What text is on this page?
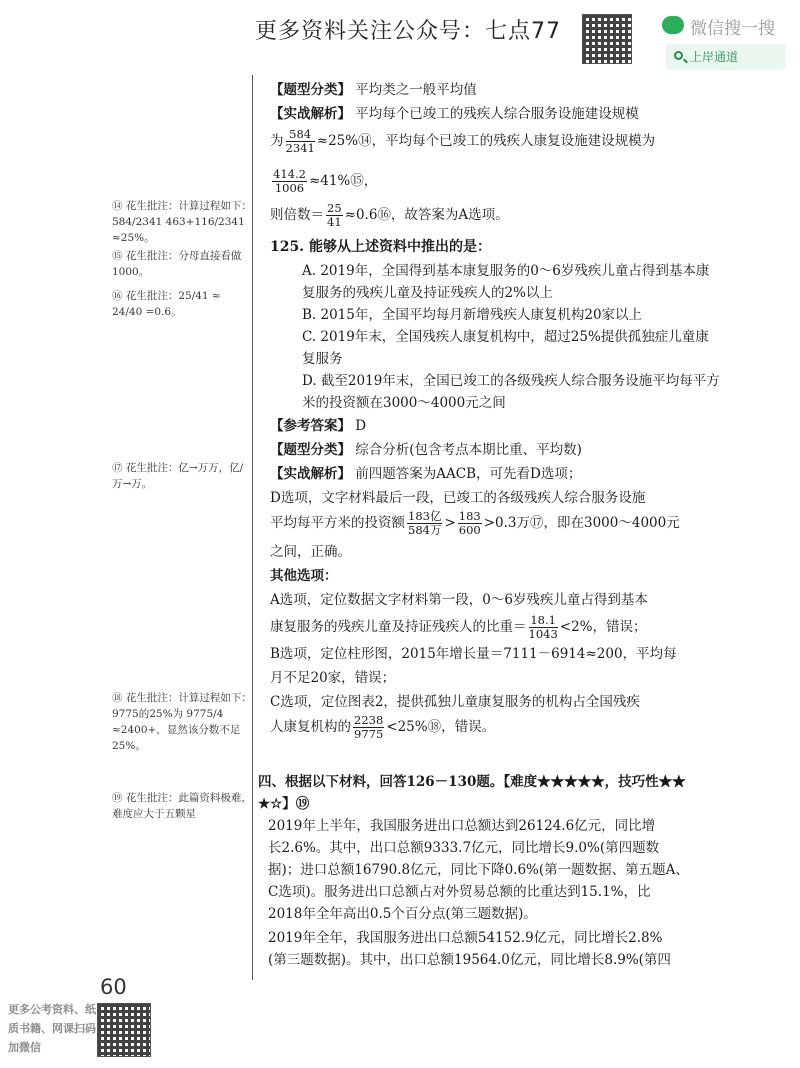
更多资料关注公众号：七点77	微信搜一搜
上岸通道
⑭ 花生批注：计算过程如下：
584/2341 463+116/2341 ≈25%。
⑮ 花生批注：分母直接看做1000。
⑯ 花生批注：25/41 ≈ 24/40 =0.6。
⑰ 花生批注：亿→万万，亿/万→万。
⑱ 花生批注：计算过程如下：9775的25%为 9775/4 ≈2400+，显然该分数不足25%。
⑲ 花生批注：此篇资料极难，难度应大于五颗星
【题型分类】 平均类之一般平均值
【实战解析】 平均每个已竣工的残疾人综合服务设施建设规模
为 $\frac{584}{2341}$ ≈25%⑭，平均每个已竣工的残疾人康复设施建设规模为
$\frac{414.2}{1006}$ ≈41%⑮，
则倍数＝ $\frac{25}{41}$ ≈0.6⑯，故答案为A选项。
125. 能够从上述资料中推出的是：
A. 2019年，全国得到基本康复服务的0～6岁残疾儿童占得到基本康复服务的残疾儿童及持证残疾人的2%以上
B. 2015年，全国平均每月新增残疾人康复机构20家以上
C. 2019年末，全国残疾人康复机构中，超过25%提供孤独症儿童康复服务
D. 截至2019年末，全国已竣工的各级残疾人综合服务设施平均每平方米的投资额在3000～4000元之间
【参考答案】 D
【题型分类】 综合分析(包含考点本期比重、平均数)
【实战解析】 前四题答案为AACB，可先看D选项；
D选项，文字材料最后一段，已竣工的各级残疾人综合服务设施
平均每平方米的投资额 $\frac{\text{183亿}}{\text{584万}} > \frac{183}{600} >0.3$万⑰，即在3000～4000元
之间，正确。
其他选项：
A选项，定位数据文字材料第一段，0～6岁残疾儿童占得到基本
康复服务的残疾儿童及持证残疾人的比重＝ $\frac{18.1}{1043} <2\%$，错误；
B选项，定位柱形图，2015年增长量＝7111－6914≈200，平均每
月不足20家，错误；
C选项，定位图表2，提供孤独儿童康复服务的机构占全国残疾
人康复机构的 $\frac{2238}{9775}$ <25%⑱，错误。
四、根据以下材料，回答126－130题。【难度★★★★★，技巧性★★
★☆】⑲
2019年上半年，我国服务进出口总额达到26124.6亿元，同比增
长2.6%。其中，出口总额9333.7亿元，同比增长9.0%(第四题数
据)；进口总额16790.8亿元，同比下降0.6%(第一题数据、第五题A、
C选项)。服务进出口总额占对外贸易总额的比重达到15.1%，比
2018年全年高出0.5个百分点(第三题数据)。
2019年全年，我国服务进出口总额54152.9亿元，同比增长2.8%
(第三题数据)。其中，出口总额19564.0亿元，同比增长8.9%(第四
60
更多公考资料、纸质书籍、网课扫码加微信
